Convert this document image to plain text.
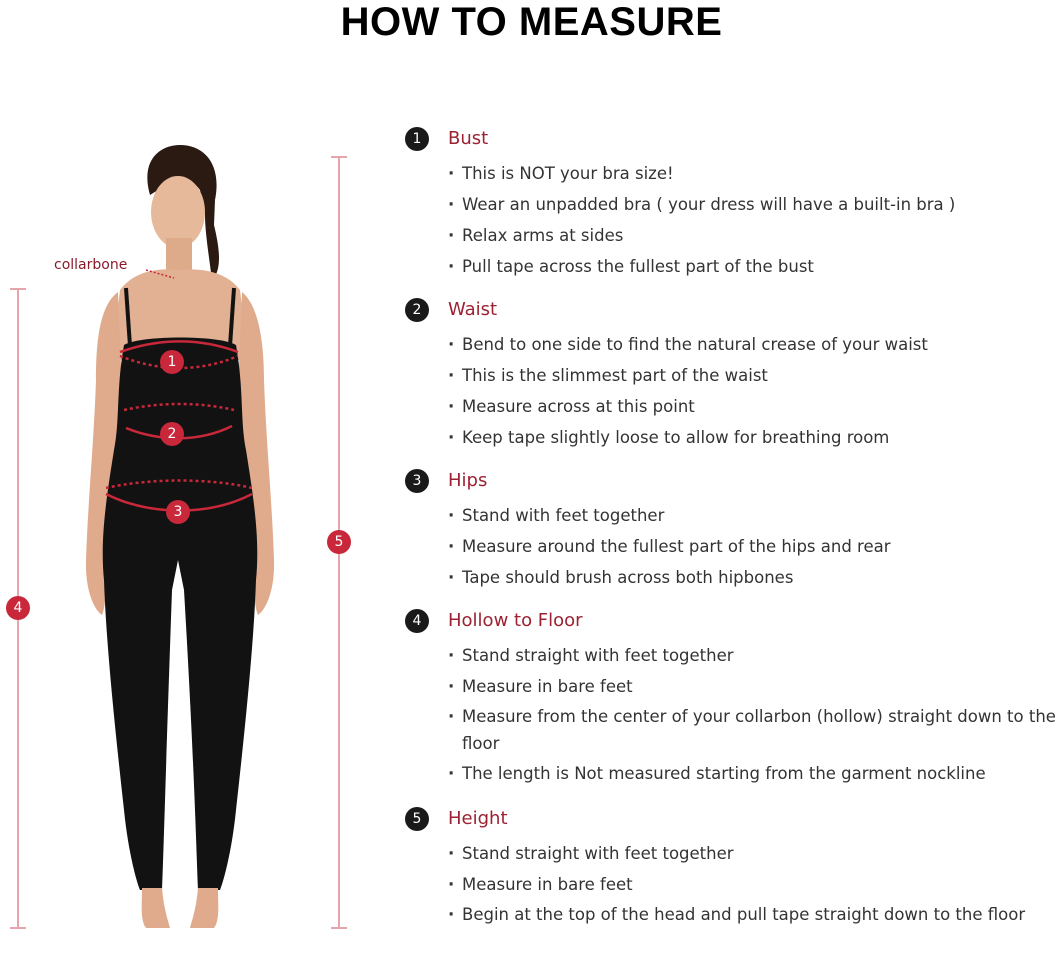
HOW TO MEASURE
collarbone
1
2
3
4
5
1	Bust
· This is NOT your bra size!
· Wear an unpadded bra ( your dress will have a built-in bra )
· Relax arms at sides
· Pull tape across the fullest part of the bust
2	Waist
· Bend to one side to find the natural crease of your waist
· This is the slimmest part of the waist
· Measure across at this point
· Keep tape slightly loose to allow for breathing room
3	Hips
· Stand with feet together
· Measure around the fullest part of the hips and rear
· Tape should brush across both hipbones
4	Hollow to Floor
· Stand straight with feet together
· Measure in bare feet
· Measure from the center of your collarbon (hollow) straight down to the floor
· The length is Not measured starting from the garment nockline
5	Height
· Stand straight with feet together
· Measure in bare feet
· Begin at the top of the head and pull tape straight down to the floor
